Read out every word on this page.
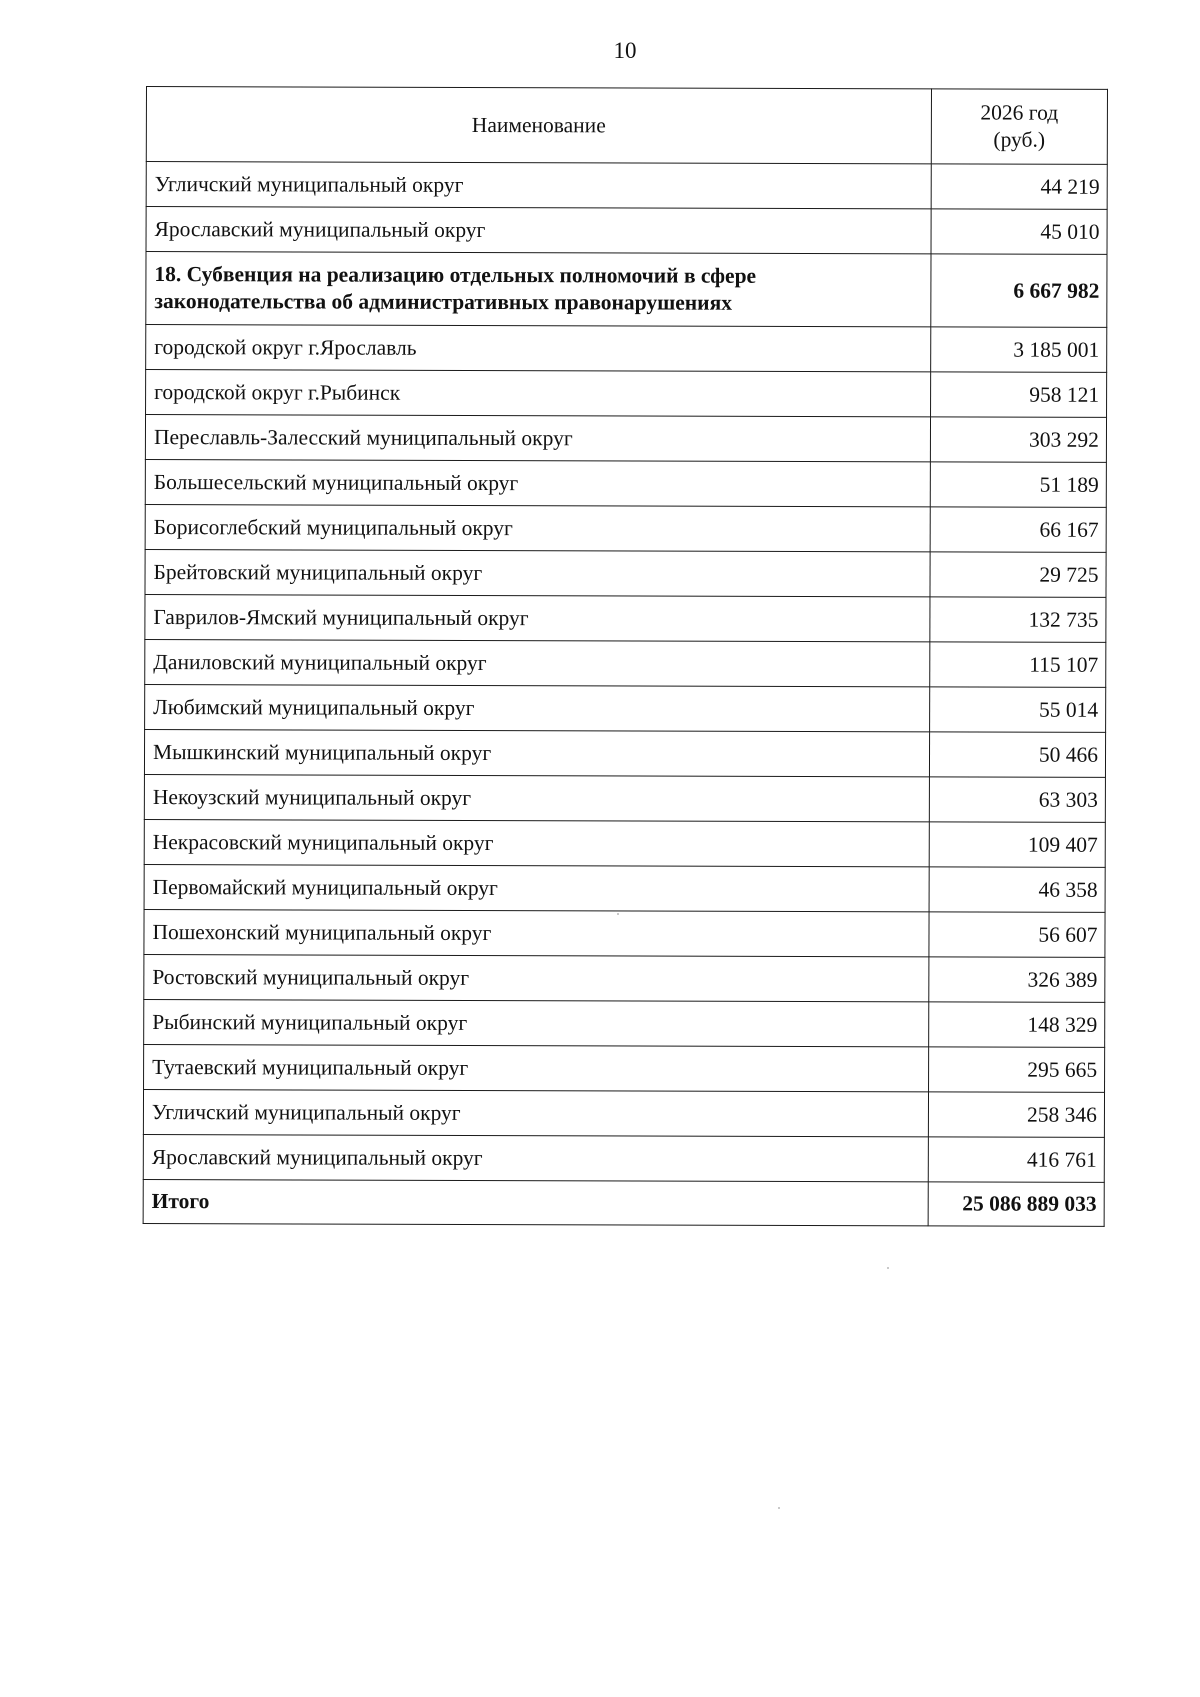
10
Наименование	2026 год
(руб.)

Угличский муниципальный округ	44 219
Ярославский муниципальный округ	45 010
18. Субвенция на реализацию отдельных полномочий в сфере
законодательства об административных правонарушениях	6 667 982
городской округ г.Ярославль	3 185 001
городской округ г.Рыбинск	958 121
Переславль-Залесский муниципальный округ	303 292
Большесельский муниципальный округ	51 189
Борисоглебский муниципальный округ	66 167
Брейтовский муниципальный округ	29 725
Гаврилов-Ямский муниципальный округ	132 735
Даниловский муниципальный округ	115 107
Любимский муниципальный округ	55 014
Мышкинский муниципальный округ	50 466
Некоузский муниципальный округ	63 303
Некрасовский муниципальный округ	109 407
Первомайский муниципальный округ	46 358
Пошехонский муниципальный округ	56 607
Ростовский муниципальный округ	326 389
Рыбинский муниципальный округ	148 329
Тутаевский муниципальный округ	295 665
Угличский муниципальный округ	258 346
Ярославский муниципальный округ	416 761
Итого	25 086 889 033
